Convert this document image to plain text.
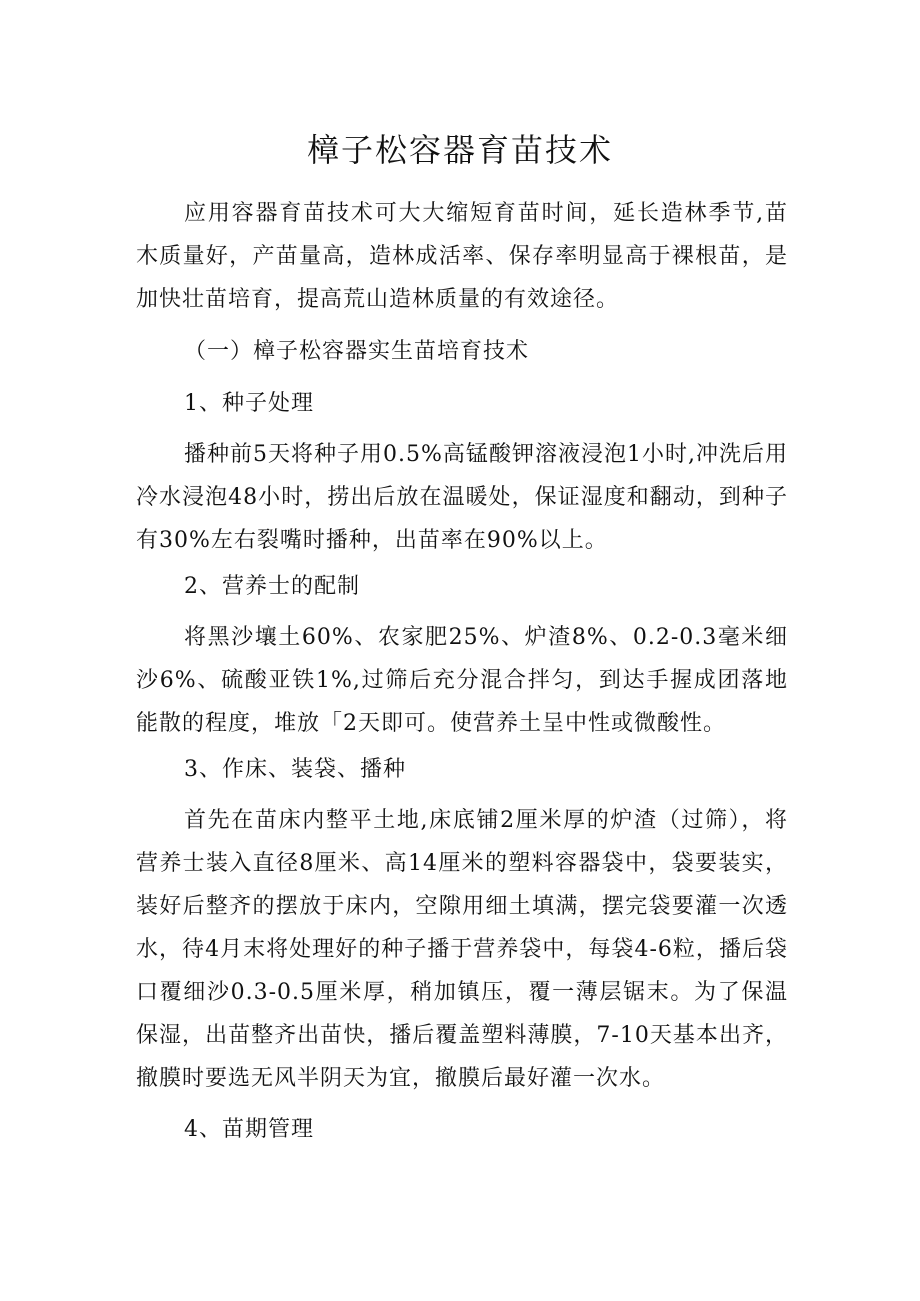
樟子松容器育苗技术

应用容器育苗技术可大大缩短育苗时间，延长造林季节,苗木质量好，产苗量高，造林成活率、保存率明显高于裸根苗，是加快壮苗培育，提高荒山造林质量的有效途径。

（一）樟子松容器实生苗培育技术

1、种子处理

播种前5天将种子用0.5%高锰酸钾溶液浸泡1小时,冲洗后用冷水浸泡48小时，捞出后放在温暖处，保证湿度和翻动，到种子有30%左右裂嘴时播种，出苗率在90%以上。

2、营养士的配制

将黑沙壤土60%、农家肥25%、炉渣8%、0.2-0.3毫米细沙6%、硫酸亚铁1%,过筛后充分混合拌匀，到达手握成团落地能散的程度，堆放「2天即可。使营养土呈中性或微酸性。

3、作床、装袋、播种

首先在苗床内整平土地,床底铺2厘米厚的炉渣（过筛），将营养士装入直径8厘米、高14厘米的塑料容器袋中，袋要装实，装好后整齐的摆放于床内，空隙用细土填满，摆完袋要灌一次透水，待4月末将处理好的种子播于营养袋中，每袋4-6粒，播后袋口覆细沙0.3-0.5厘米厚，稍加镇压，覆一薄层锯末。为了保温保湿，出苗整齐出苗快，播后覆盖塑料薄膜，7-10天基本出齐，撤膜时要选无风半阴天为宜，撤膜后最好灌一次水。

4、苗期管理
